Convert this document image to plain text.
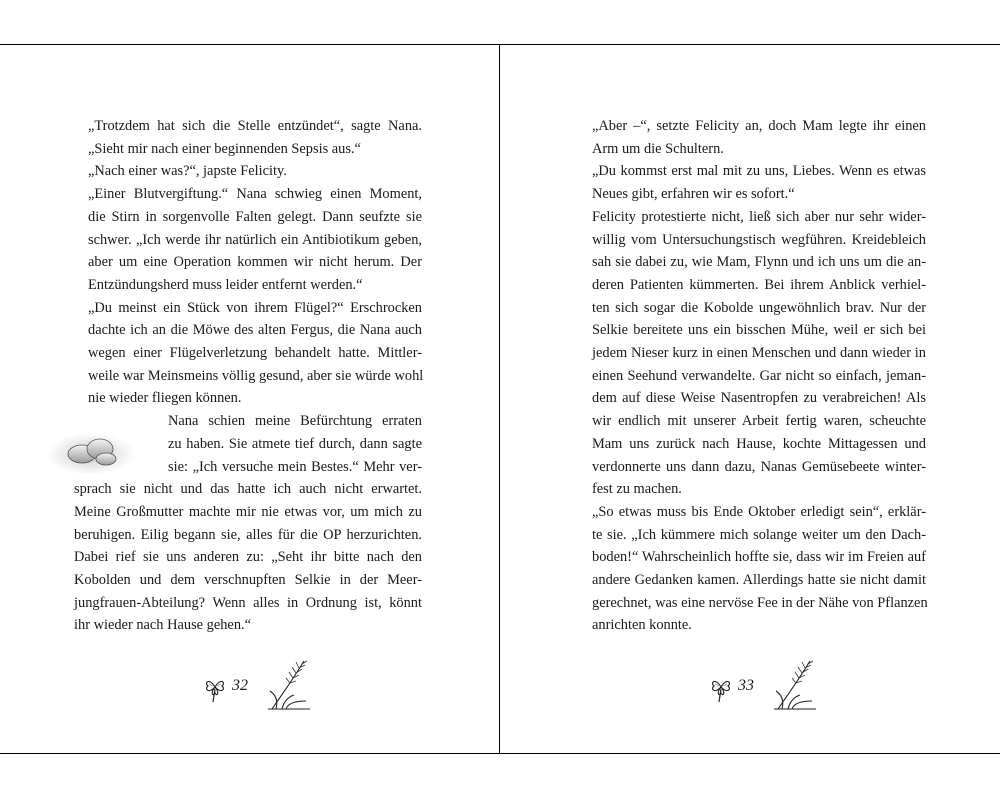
„Trotzdem hat sich die Stelle entzündet“, sagte Nana.
„Sieht mir nach einer beginnenden Sepsis aus.“

„Nach einer was?“, japste Felicity.

„Einer Blutvergiftung.“ Nana schwieg einen Moment,
die Stirn in sorgenvolle Falten gelegt. Dann seufzte sie
schwer. „Ich werde ihr natürlich ein Antibiotikum geben,
aber um eine Operation kommen wir nicht herum. Der
Entzündungsherd muss leider entfernt werden.“

„Du meinst ein Stück von ihrem Flügel?“ Erschrocken
dachte ich an die Möwe des alten Fergus, die Nana auch
wegen einer Flügelverletzung behandelt hatte. Mittler-
weile war Meinsmeins völlig gesund, aber sie würde wohl
nie wieder fliegen können.

Nana schien meine Befürchtung erraten
zu haben. Sie atmete tief durch, dann sagte
sie: „Ich versuche mein Bestes.“ Mehr ver-
sprach sie nicht und das hatte ich auch nicht erwartet.
Meine Großmutter machte mir nie etwas vor, um mich zu
beruhigen. Eilig begann sie, alles für die OP herzurichten.
Dabei rief sie uns anderen zu: „Seht ihr bitte nach den
Kobolden und dem verschnupften Selkie in der Meer-
jungfrauen-Abteilung? Wenn alles in Ordnung ist, könnt
ihr wieder nach Hause gehen.“

32

„Aber –“, setzte Felicity an, doch Mam legte ihr einen
Arm um die Schultern.

„Du kommst erst mal mit zu uns, Liebes. Wenn es etwas
Neues gibt, erfahren wir es sofort.“

Felicity protestierte nicht, ließ sich aber nur sehr wider-
willig vom Untersuchungstisch wegführen. Kreidebleich
sah sie dabei zu, wie Mam, Flynn und ich uns um die an-
deren Patienten kümmerten. Bei ihrem Anblick verhiel-
ten sich sogar die Kobolde ungewöhnlich brav. Nur der
Selkie bereitete uns ein bisschen Mühe, weil er sich bei
jedem Nieser kurz in einen Menschen und dann wieder in
einen Seehund verwandelte. Gar nicht so einfach, jeman-
dem auf diese Weise Nasentropfen zu verabreichen! Als
wir endlich mit unserer Arbeit fertig waren, scheuchte
Mam uns zurück nach Hause, kochte Mittagessen und
verdonnerte uns dann dazu, Nanas Gemüsebeete winter-
fest zu machen.

„So etwas muss bis Ende Oktober erledigt sein“, erklär-
te sie. „Ich kümmere mich solange weiter um den Dach-
boden!“ Wahrscheinlich hoffte sie, dass wir im Freien auf
andere Gedanken kamen. Allerdings hatte sie nicht damit
gerechnet, was eine nervöse Fee in der Nähe von Pflanzen
anrichten konnte.

33
